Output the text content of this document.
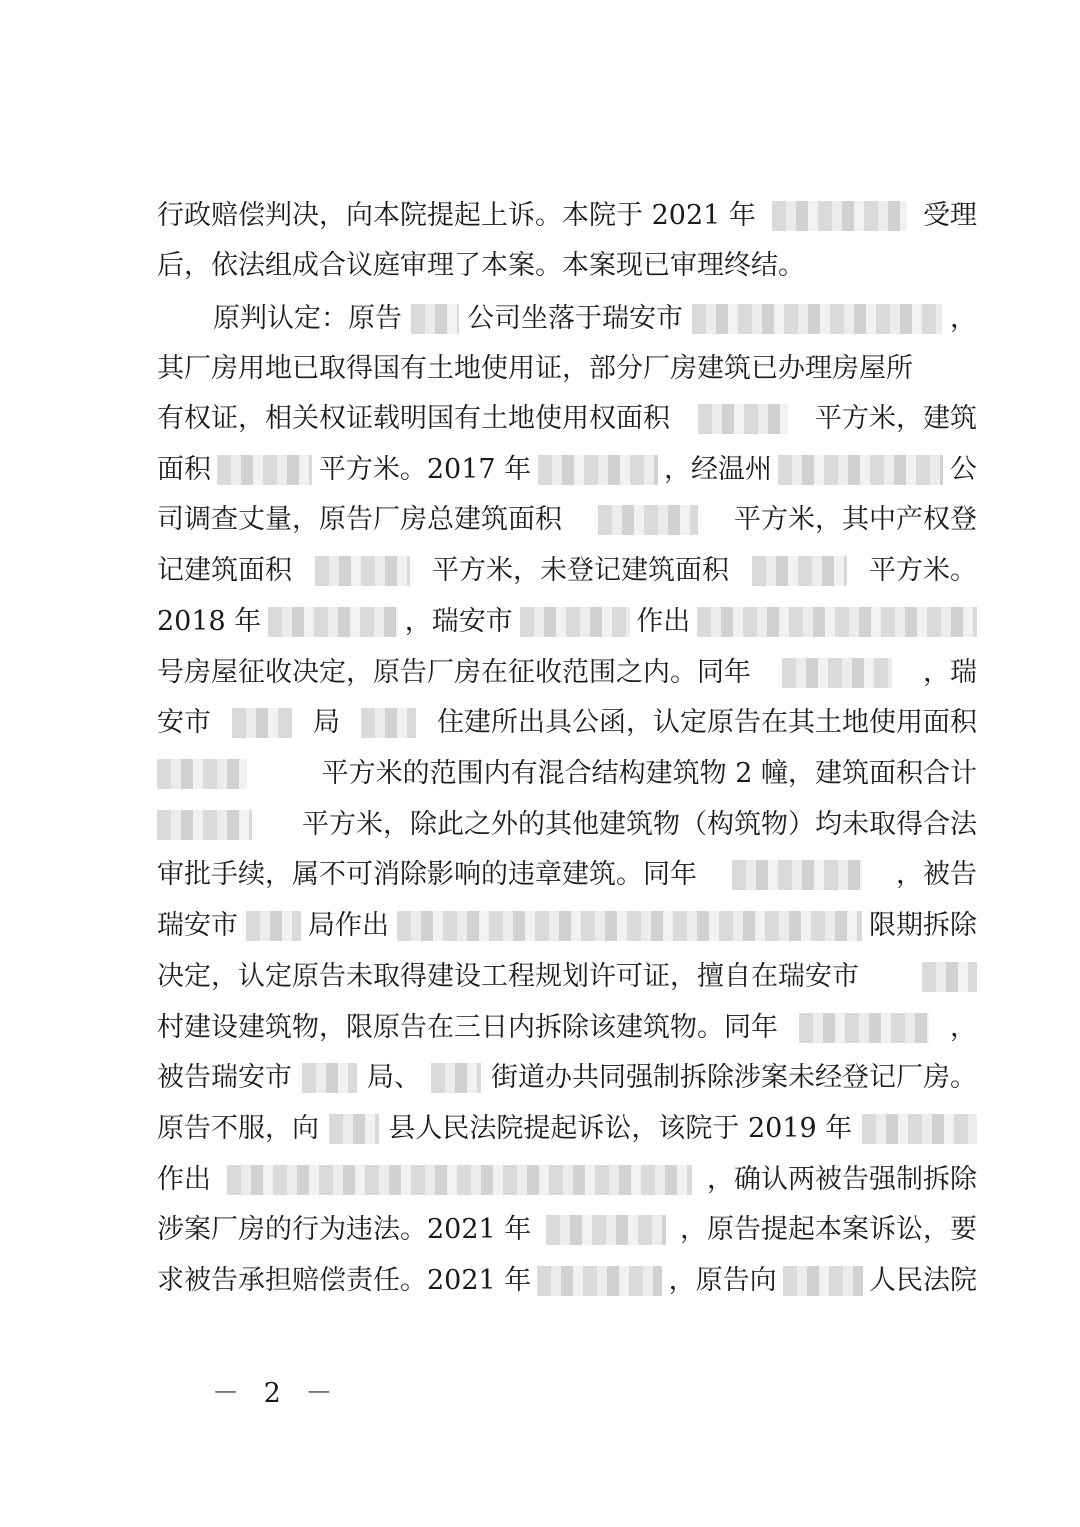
行政赔偿判决，向本院提起上诉。本院于 2021 年	受理
后，依法组成合议庭审理了本案。本案现已审理终结。
原判认定：原告 公司坐落于瑞安市	，
其厂房用地已取得国有土地使用证，部分厂房建筑已办理房屋所
有权证，相关权证载明国有土地使用权面积	平方米，建筑
面积	平方米。2017 年	，经温州	公
司调查丈量，原告厂房总建筑面积	平方米，其中产权登
记建筑面积	平方米，未登记建筑面积	平方米。
2018 年	，瑞安市	作出
号房屋征收决定，原告厂房在征收范围之内。同年	，瑞
安市	局	住建所出具公函，认定原告在其土地使用面积
平方米的范围内有混合结构建筑物 2 幢，建筑面积合计
平方米，除此之外的其他建筑物（构筑物）均未取得合法
审批手续，属不可消除影响的违章建筑。同年	，被告
瑞安市	局作出	限期拆除
决定，认定原告未取得建设工程规划许可证，擅自在瑞安市
村建设建筑物，限原告在三日内拆除该建筑物。同年	，
被告瑞安市	局、	街道办共同强制拆除涉案未经登记厂房。
原告不服，向	县人民法院提起诉讼，该院于 2019 年
作出	，确认两被告强制拆除
涉案厂房的行为违法。2021 年	，原告提起本案诉讼，要
求被告承担赔偿责任。2021 年	，原告向	人民法院
－ 2 －
